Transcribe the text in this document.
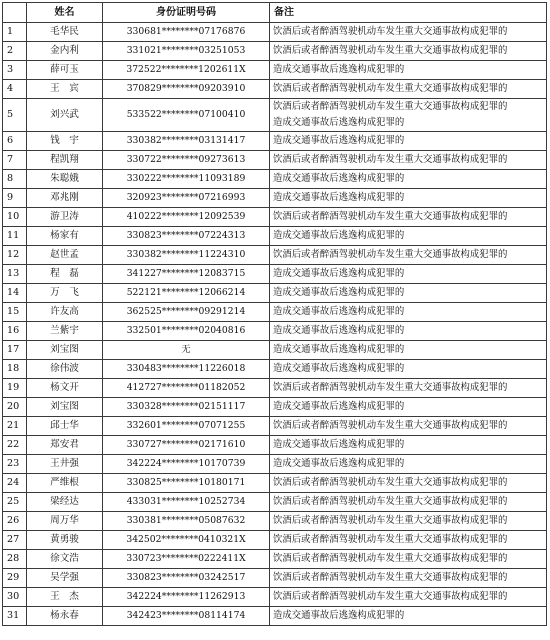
	姓名	身份证明号码	备注
1	毛华民	330681********07176876	饮酒后或者醉酒驾驶机动车发生重大交通事故构成犯罪的
2	金内利	331021********03251053	饮酒后或者醉酒驾驶机动车发生重大交通事故构成犯罪的
3	薛可玉	372522********1202611X	造成交通事故后逃逸构成犯罪的
4	王　宾	370829********09203910	饮酒后或者醉酒驾驶机动车发生重大交通事故构成犯罪的
5	刘兴武	533522********07100410	饮酒后或者醉酒驾驶机动车发生重大交通事故构成犯罪的
造成交通事故后逃逸构成犯罪的
6	钱　宇	330382********03131417	造成交通事故后逃逸构成犯罪的
7	程凯翔	330722********09273613	饮酒后或者醉酒驾驶机动车发生重大交通事故构成犯罪的
8	朱聪娥	330222********11093189	造成交通事故后逃逸构成犯罪的
9	邓兆刚	320923********07216993	造成交通事故后逃逸构成犯罪的
10	游卫涛	410222********12092539	饮酒后或者醉酒驾驶机动车发生重大交通事故构成犯罪的
11	杨家有	330823********07224313	造成交通事故后逃逸构成犯罪的
12	赵世孟	330382********11224310	饮酒后或者醉酒驾驶机动车发生重大交通事故构成犯罪的
13	程　磊	341227********12083715	造成交通事故后逃逸构成犯罪的
14	万　飞	522121********12066214	造成交通事故后逃逸构成犯罪的
15	许友高	362525********09291214	造成交通事故后逃逸构成犯罪的
16	兰紫宇	332501********02040816	造成交通事故后逃逸构成犯罪的
17	刘宝图	无	造成交通事故后逃逸构成犯罪的
18	徐伟波	330483********11226018	造成交通事故后逃逸构成犯罪的
19	杨文开	412727********01182052	饮酒后或者醉酒驾驶机动车发生重大交通事故构成犯罪的
20	刘宝图	330328********02151117	造成交通事故后逃逸构成犯罪的
21	邱士华	332601********07071255	饮酒后或者醉酒驾驶机动车发生重大交通事故构成犯罪的
22	郑安君	330727********02171610	造成交通事故后逃逸构成犯罪的
23	王井强	342224********10170739	造成交通事故后逃逸构成犯罪的
24	严维根	330825********10180171	饮酒后或者醉酒驾驶机动车发生重大交通事故构成犯罪的
25	梁经达	433031********10252734	饮酒后或者醉酒驾驶机动车发生重大交通事故构成犯罪的
26	周万华	330381********05087632	饮酒后或者醉酒驾驶机动车发生重大交通事故构成犯罪的
27	黄勇骏	342502********0410321X	饮酒后或者醉酒驾驶机动车发生重大交通事故构成犯罪的
28	徐文浩	330723********0222411X	饮酒后或者醉酒驾驶机动车发生重大交通事故构成犯罪的
29	吴学强	330823********03242517	饮酒后或者醉酒驾驶机动车发生重大交通事故构成犯罪的
30	王　杰	342224********11262913	饮酒后或者醉酒驾驶机动车发生重大交通事故构成犯罪的
31	杨永春	342423********08114174	造成交通事故后逃逸构成犯罪的
